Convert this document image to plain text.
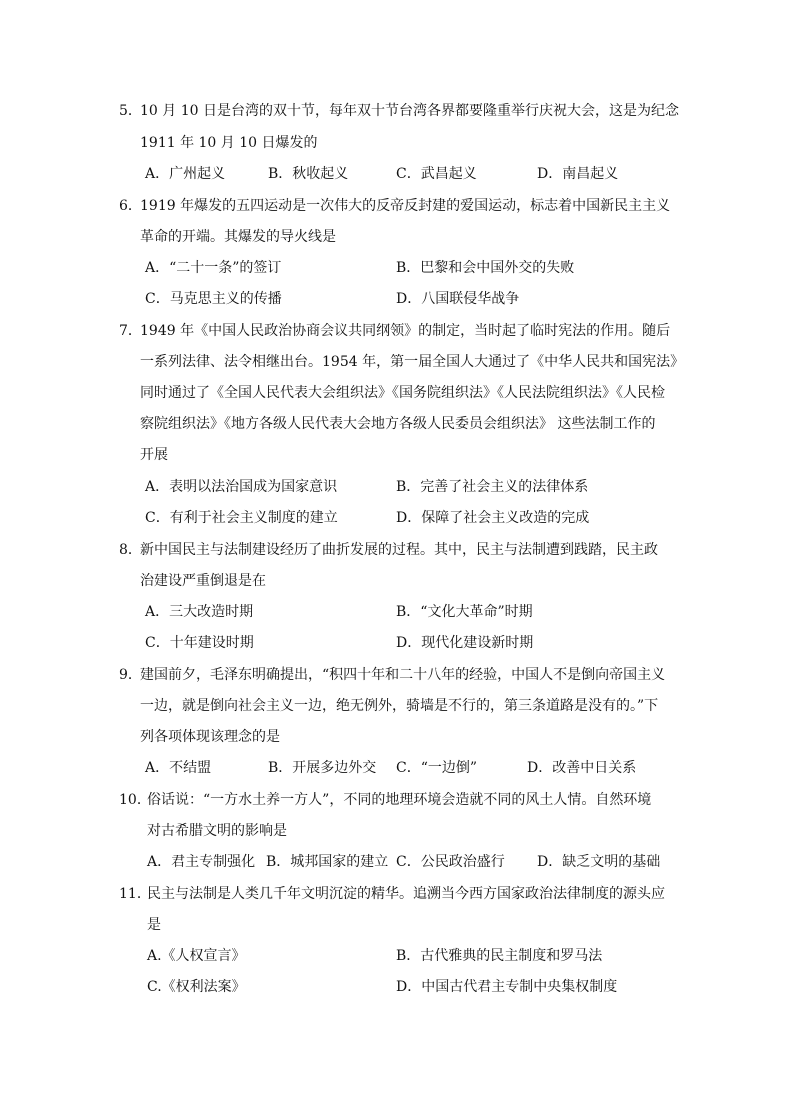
5．
10 月 10 日是台湾的双十节，每年双十节台湾各界都要隆重举行庆祝大会，这是为纪念
1911 年 10 月 10 日爆发的
A．广州起义	B．秋收起义	C．武昌起义	D．南昌起义
6．
1919 年爆发的五四运动是一次伟大的反帝反封建的爱国运动，标志着中国新民主主义
革命的开端。其爆发的导火线是
A．“二十一条”的签订	B．巴黎和会中国外交的失败
C．马克思主义的传播	D．八国联侵华战争
7．
1949 年《中国人民政治协商会议共同纲领》的制定，当时起了临时宪法的作用。随后
一系列法律、法令相继出台。1954 年，第一届全国人大通过了《中华人民共和国宪法》
同时通过了《全国人民代表大会组织法》《国务院组织法》《人民法院组织法》《人民检
察院组织法》《地方各级人民代表大会地方各级人民委员会组织法》 这些法制工作的
开展
A．表明以法治国成为国家意识	B．完善了社会主义的法律体系
C．有利于社会主义制度的建立	D．保障了社会主义改造的完成
8．
新中国民主与法制建设经历了曲折发展的过程。其中，民主与法制遭到践踏，民主政
治建设严重倒退是在
A．三大改造时期	B．“文化大革命”时期
C．十年建设时期	D．现代化建设新时期
9．
建国前夕，毛泽东明确提出，“积四十年和二十八年的经验，中国人不是倒向帝国主义
一边，就是倒向社会主义一边，绝无例外，骑墙是不行的，第三条道路是没有的。”下
列各项体现该理念的是
A．不结盟	B．开展多边外交 C．“一边倒”	D．改善中日关系
10．
俗话说：“一方水土养一方人”，不同的地理环境会造就不同的风土人情。自然环境
对古希腊文明的影响是
A．君主专制强化 B．城邦国家的建立 C．公民政治盛行 D．缺乏文明的基础
11．
民主与法制是人类几千年文明沉淀的精华。追溯当今西方国家政治法律制度的源头应
是
A.《人权宣言》	B．古代雅典的民主制度和罗马法
C.《权利法案》	D．中国古代君主专制中央集权制度
